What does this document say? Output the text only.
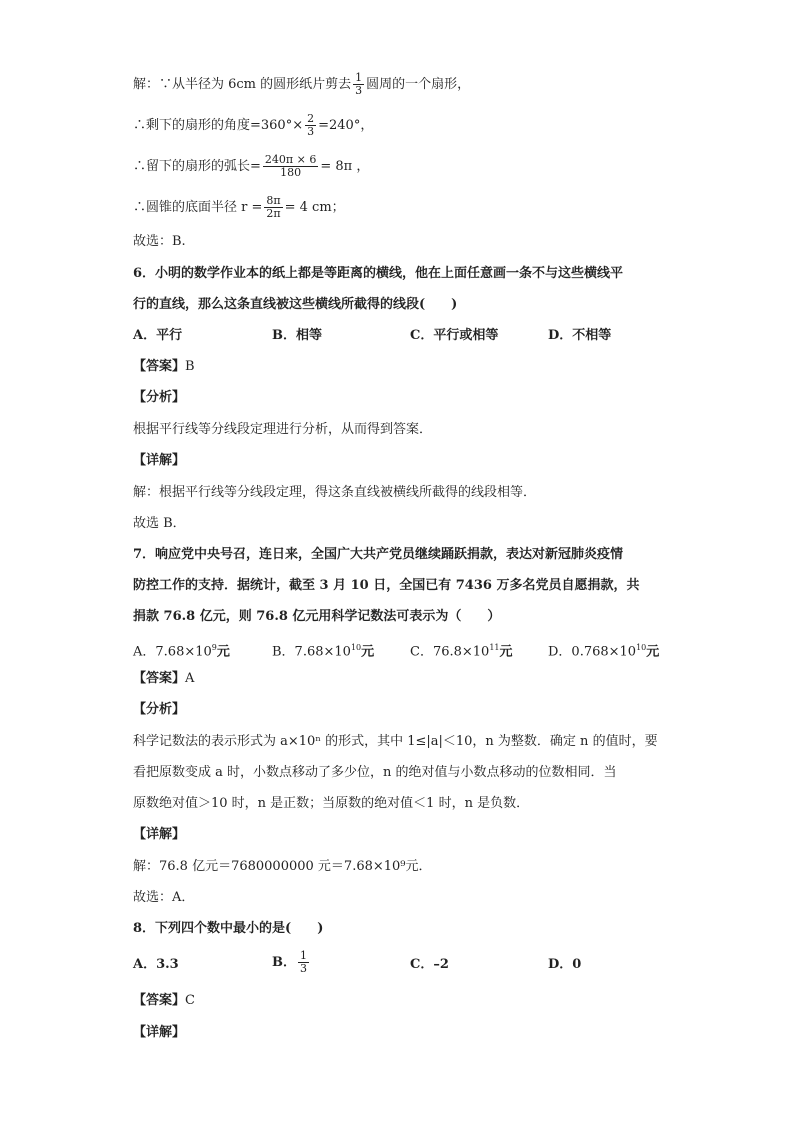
解：∵从半径为 6cm 的圆形纸片剪去 $\frac{1}{3}$ 圆周的一个扇形，
∴剩下的扇形的角度$=360^\circ\times \frac{2}{3} =240^\circ$，
∴留下的扇形的弧长= $\frac{240\pi \times 6}{180} = 8\pi$ ，
∴圆锥的底面半径 $r = \frac{8\pi}{2\pi} = 4$ cm；
故选：B.
6．小明的数学作业本的纸上都是等距离的横线，他在上面任意画一条不与这些横线平
行的直线，那么这条直线被这些横线所截得的线段(　　)
A．平行	B．相等	C．平行或相等	D．不相等
【答案】B
【分析】
根据平行线等分线段定理进行分析，从而得到答案．
【详解】
解：根据平行线等分线段定理，得这条直线被横线所截得的线段相等．
故选 B．
7．响应党中央号召，连日来，全国广大共产党员继续踊跃捐款，表达对新冠肺炎疫情
防控工作的支持．据统计，截至 3 月 10 日，全国已有 7436 万多名党员自愿捐款，共
捐款 76.8 亿元，则 76.8 亿元用科学记数法可表示为（　　）
A．$7.68\times 10^9$元	B．$7.68\times 10^{10}$元	C．$76.8\times 10^{11}$元	D．$0.768\times 10^{10}$元
【答案】A
【分析】
科学记数法的表示形式为 a×10ⁿ 的形式，其中 1≤|a|＜10，n 为整数．确定 n 的值时，要
看把原数变成 a 时，小数点移动了多少位，n 的绝对值与小数点移动的位数相同．当
原数绝对值＞10 时，n 是正数；当原数的绝对值＜1 时，n 是负数．
【详解】
解：76.8 亿元＝7680000000 元＝7.68×10⁹元．
故选：A．
8．下列四个数中最小的是(　　)
A．3.3	B． $\frac{1}{3}$	C．–2	D．0
【答案】C
【详解】
